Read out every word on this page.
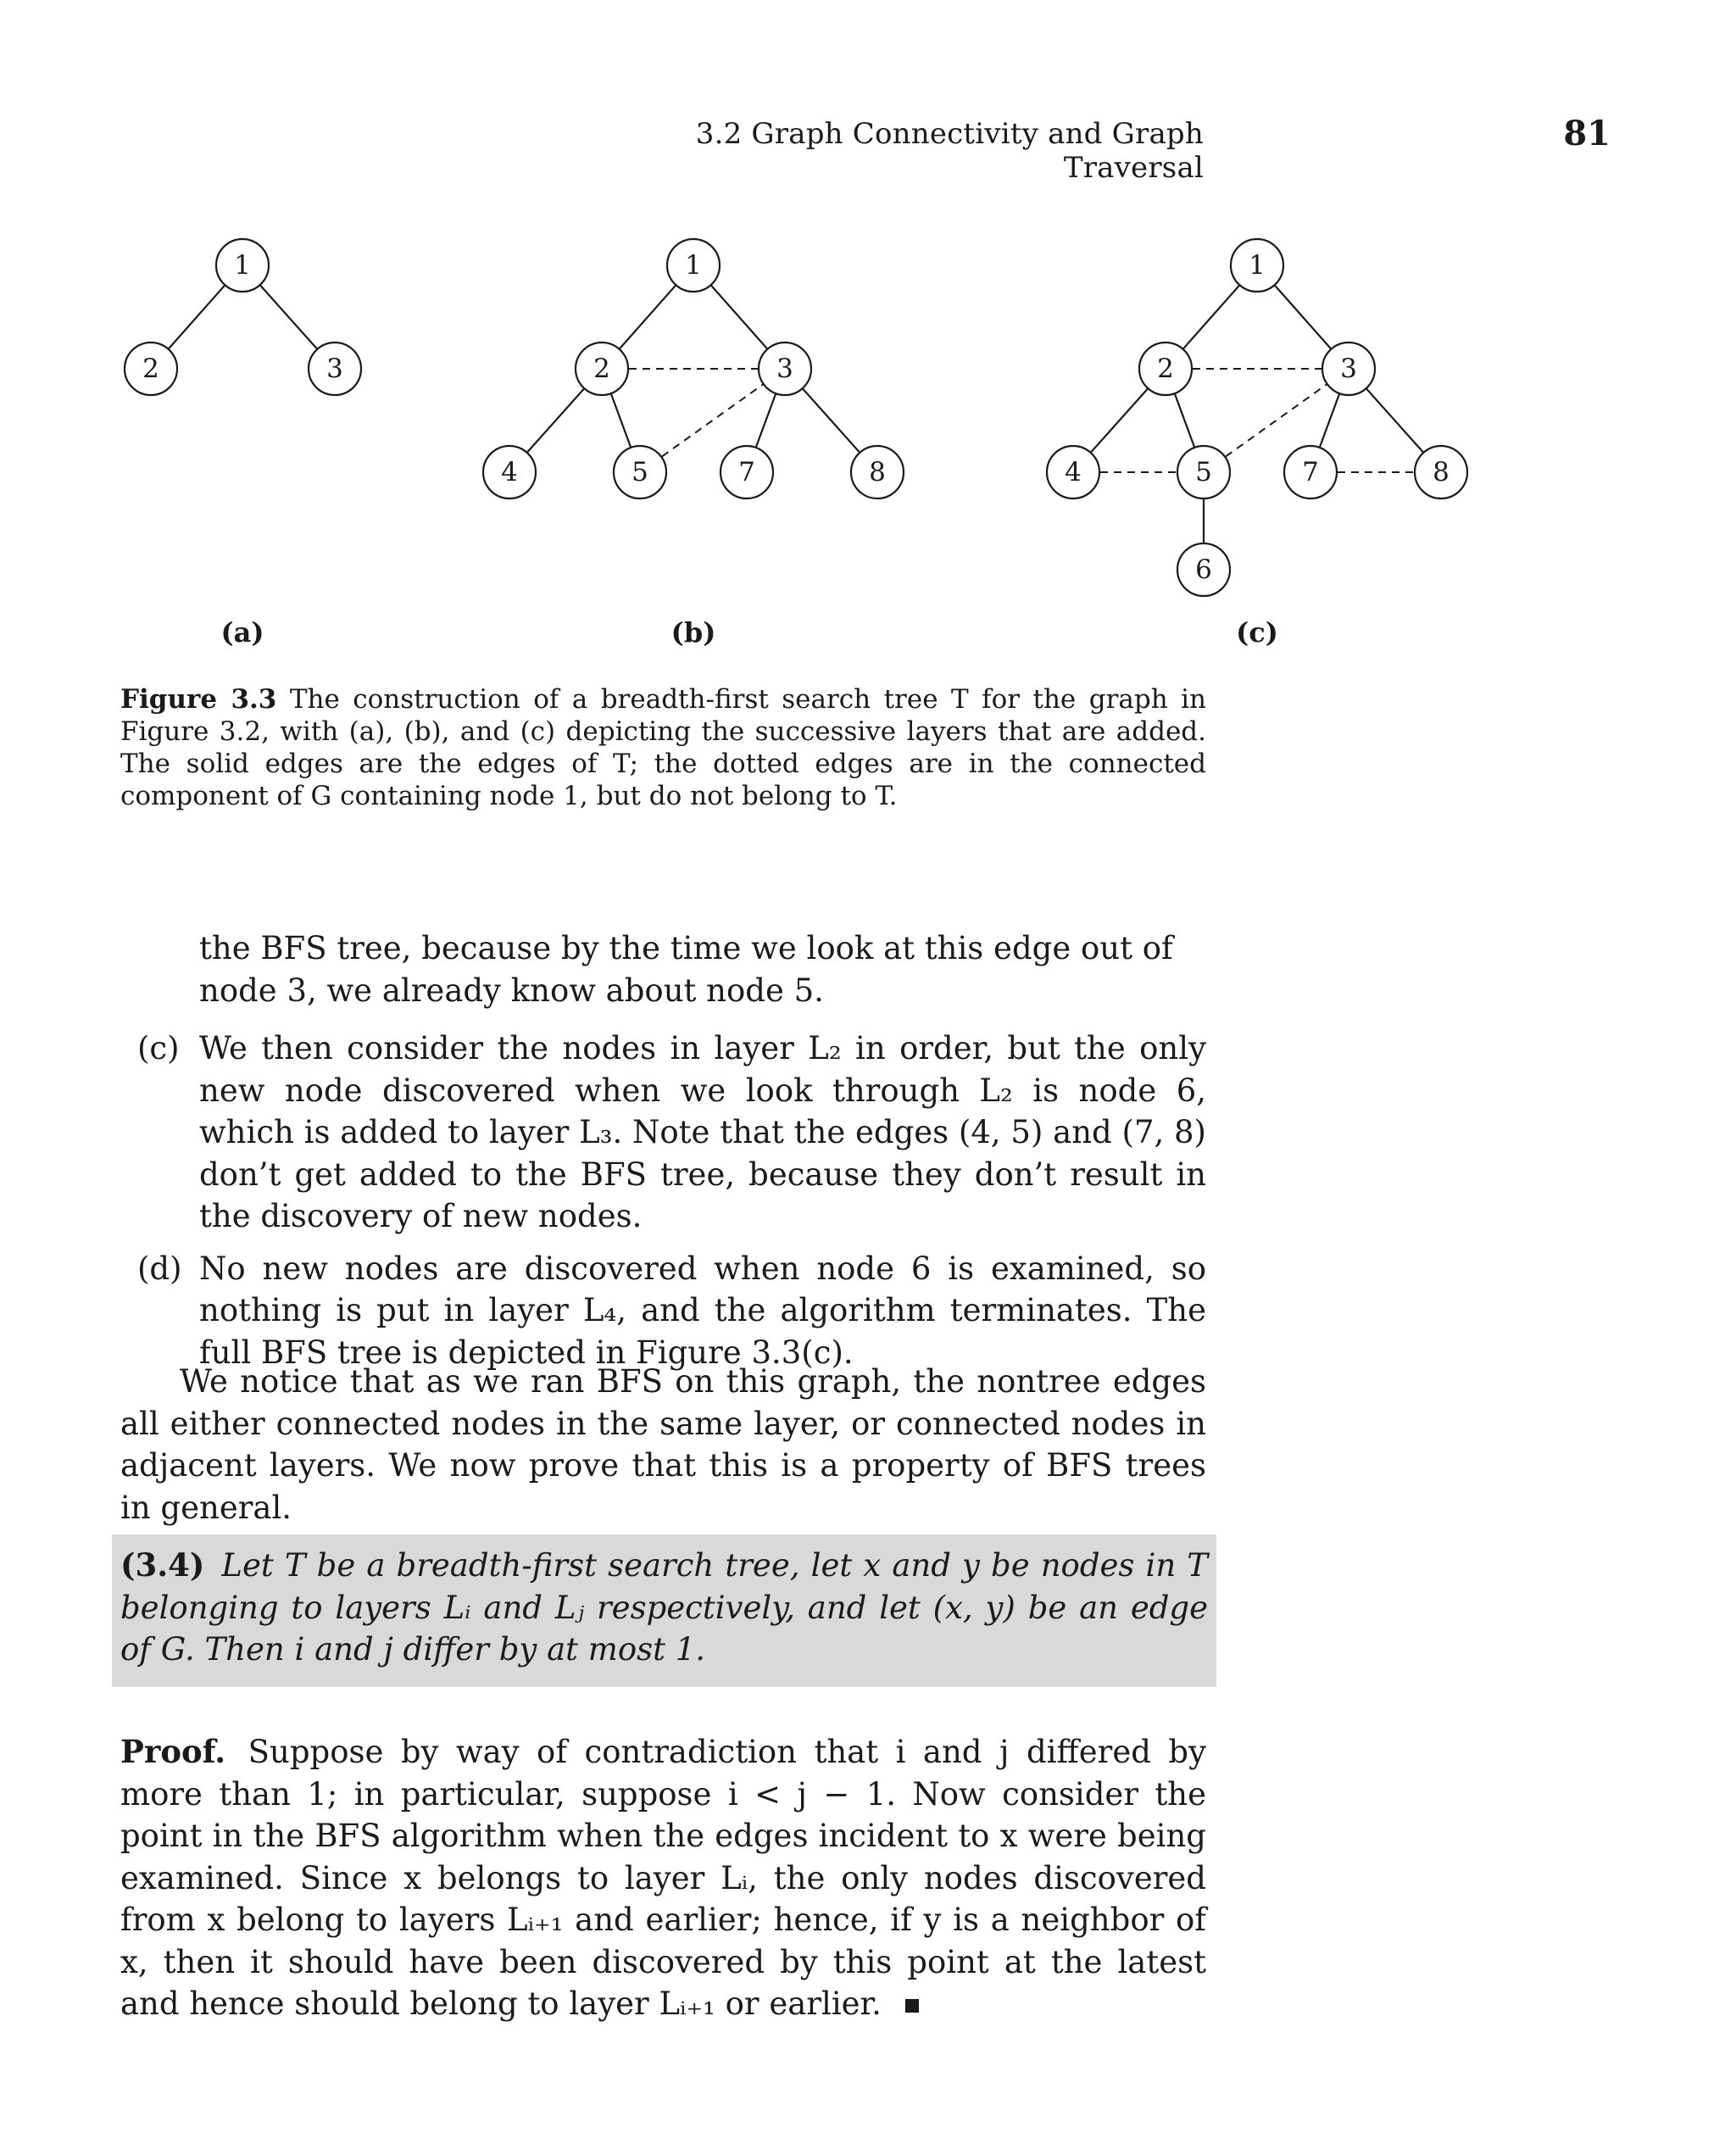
3.2 Graph Connectivity and Graph Traversal
81
1
2	3
1
2	3
4	5	7	8
1
2	3
4	5	7	8
6
(a)	(b)	(c)
Figure 3.3 The construction of a breadth-first search tree T for the graph in Figure 3.2, with (a), (b), and (c) depicting the successive layers that are added. The solid edges are the edges of T; the dotted edges are in the connected component of G containing node 1, but do not belong to T.
the BFS tree, because by the time we look at this edge out of node 3, we already know about node 5.
(c) We then consider the nodes in layer L₂ in order, but the only new node discovered when we look through L₂ is node 6, which is added to layer L₃. Note that the edges (4, 5) and (7, 8) don’t get added to the BFS tree, because they don’t result in the discovery of new nodes.
(d) No new nodes are discovered when node 6 is examined, so nothing is put in layer L₄, and the algorithm terminates. The full BFS tree is depicted in Figure 3.3(c).
We notice that as we ran BFS on this graph, the nontree edges all either connected nodes in the same layer, or connected nodes in adjacent layers. We now prove that this is a property of BFS trees in general.

(3.4) Let T be a breadth-first search tree, let x and y be nodes in T belonging to layers Lᵢ and Lⱼ respectively, and let (x, y) be an edge of G. Then i and j differ by at most 1.

Proof. Suppose by way of contradiction that i and j differed by more than 1; in particular, suppose i < j − 1. Now consider the point in the BFS algorithm when the edges incident to x were being examined. Since x belongs to layer Lᵢ, the only nodes discovered from x belong to layers Lᵢ₊₁ and earlier; hence, if y is a neighbor of x, then it should have been discovered by this point at the latest and hence should belong to layer Lᵢ₊₁ or earlier.
